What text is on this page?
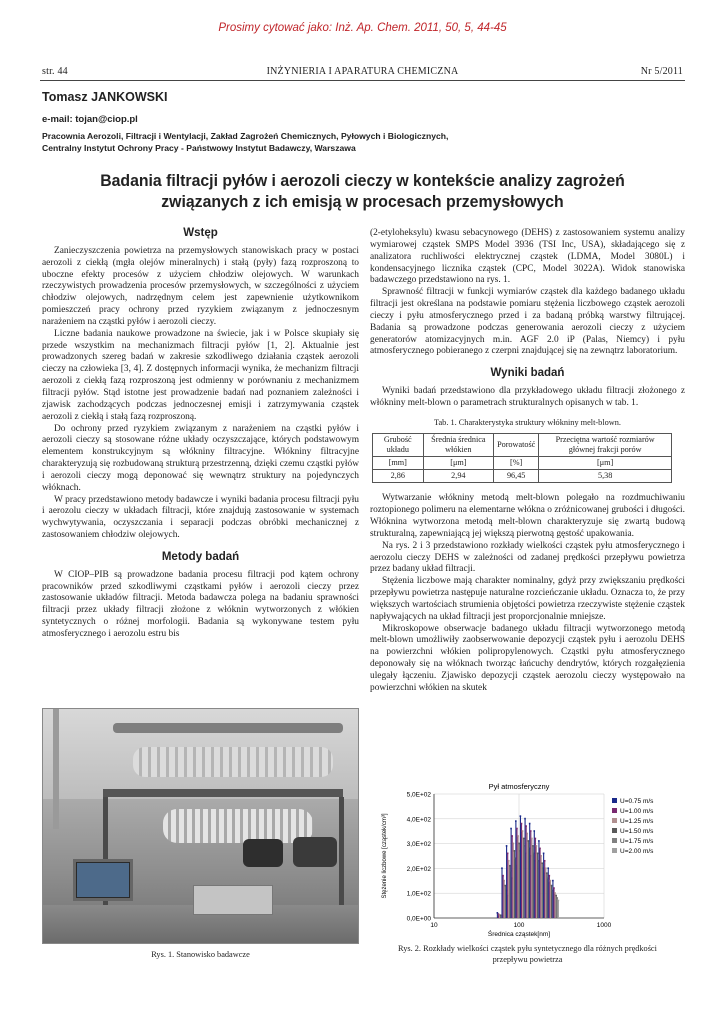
Prosimy cytować jako: Inż. Ap. Chem. 2011, 50, 5, 44-45
str. 44	INŻYNIERIA I APARATURA CHEMICZNA	Nr 5/2011
Tomasz JANKOWSKI
e-mail: tojan@ciop.pl
Pracownia Aerozoli, Filtracji i Wentylacji, Zakład Zagrożeń Chemicznych, Pyłowych i Biologicznych,
Centralny Instytut Ochrony Pracy - Państwowy Instytut Badawczy, Warszawa
Badania filtracji pyłów i aerozoli cieczy w kontekście analizy zagrożeń
związanych z ich emisją w procesach przemysłowych
Wstęp

Zanieczyszczenia powietrza na przemysłowych stanowiskach pracy w postaci aerozoli z ciekłą (mgła olejów mineralnych) i stałą (pyły) fazą rozproszoną to uboczne efekty procesów z użyciem chłodziw olejowych. W warunkach rzeczywistych prowadzenia procesów przemysłowych, w szczególności z użyciem chłodziw olejowych, nadrzędnym celem jest zapewnienie użytkownikom pomieszczeń pracy ochrony przed ryzykiem związanym z jednoczesnym narażeniem na cząstki pyłów i aerozoli cieczy.

Liczne badania naukowe prowadzone na świecie, jak i w Polsce skupiały się przede wszystkim na mechanizmach filtracji pyłów [1, 2]. Aktualnie jest prowadzonych szereg badań w zakresie szkodliwego działania cząstek aerozoli cieczy na człowieka [3, 4]. Z dostępnych informacji wynika, że mechanizm filtracji aerozoli z ciekłą fazą rozproszoną jest odmienny w porównaniu z mechanizmem filtracji pyłów. Stąd istotne jest prowadzenie badań nad poznaniem zależności i zjawisk zachodzących podczas jednoczesnej emisji i zatrzymywania cząstek aerozoli z ciekłą i stałą fazą rozproszoną.

Do ochrony przed ryzykiem związanym z narażeniem na cząstki pyłów i aerozoli cieczy są stosowane różne układy oczyszczające, których podstawowym elementem konstrukcyjnym są włókniny filtracyjne. Włókniny filtracyjne charakteryzują się rozbudowaną strukturą przestrzenną, dzięki czemu cząstki pyłów i aerozoli cieczy mogą deponować się wewnątrz struktury na pojedynczych włóknach.

W pracy przedstawiono metody badawcze i wyniki badania procesu filtracji pyłu i aerozolu cieczy w układach filtracji, które znajdują zastosowanie w systemach wychwytywania, oczyszczania i separacji podczas obróbki mechanicznej z zastosowaniem chłodziw olejowych.

Metody badań

W CIOP–PIB są prowadzone badania procesu filtracji pod kątem ochrony pracowników przed szkodliwymi cząstkami pyłów i aerozoli cieczy przez zastosowanie układów filtracji. Metoda badawcza polega na badaniu sprawności filtracji przez układy filtracji złożone z włóknin wytworzonych z włókien syntetycznych o różnej morfologii. Badania są wykonywane testem pyłu atmosferycznego i aerozolu estru bis

Rys. 1. Stanowisko badawcze

(2-etyloheksylu) kwasu sebacynowego (DEHS) z zastosowaniem systemu analizy wymiarowej cząstek SMPS Model 3936 (TSI Inc, USA), składającego się z analizatora ruchliwości elektrycznej cząstek (LDMA, Model 3080L) i kondensacyjnego licznika cząstek (CPC, Model 3022A). Widok stanowiska badawczego przedstawiono na rys. 1.

Sprawność filtracji w funkcji wymiarów cząstek dla każdego badanego układu filtracji jest określana na podstawie pomiaru stężenia liczbowego cząstek aerozoli cieczy i pyłu atmosferycznego przed i za badaną próbką warstwy filtrującej. Badania są prowadzone podczas generowania aerozoli cieczy z użyciem generatorów atomizacyjnych m.in. AGF 2.0 iP (Palas, Niemcy) i pyłu atmosferycznego pobieranego z czerpni znajdującej się na zewnątrz laboratorium.

Wyniki badań

Wyniki badań przedstawiono dla przykładowego układu filtracji złożonego z włókniny melt-blown o parametrach strukturalnych opisanych w tab. 1.

Tab. 1. Charakterystyka struktury włókniny melt-blown.
Grubość układu	Średnia średnica włókien	Porowatość	Przeciętna wartość rozmiarów głównej frakcji porów
[mm]	[μm]	[%]	[μm]
2,86	2,94	96,45	5,38

Wytwarzanie włókniny metodą melt-blown polegało na rozdmuchiwaniu roztopionego polimeru na elementarne włókna o zróżnicowanej grubości i długości. Włóknina wytworzona metodą melt-blown charakteryzuje się zwartą budową strukturalną, zapewniającą jej większą pierwotną gęstość upakowania.

Na rys. 2 i 3 przedstawiono rozkłady wielkości cząstek pyłu atmosferycznego i aerozolu cieczy DEHS w zależności od zadanej prędkości przepływu powietrza przez badany układ filtracji.

Stężenia liczbowe mają charakter nominalny, gdyż przy zwiększaniu prędkości przepływu powietrza następuje naturalne rozcieńczanie układu. Oznacza to, że przy większych wartościach strumienia objętości powietrza rzeczywiste stężenie cząstek napływających na układ filtracji jest proporcjonalnie mniejsze.

Mikroskopowe obserwacje badanego układu filtracji wytworzonego metodą melt-blown umożliwiły zaobserwowanie depozycji cząstek pyłu i aerozolu DEHS na powierzchni włókien polipropylenowych. Cząstki pyłu atmosferycznego deponowały się na włóknach tworząc łańcuchy dendrytów, których rozgałęzienia ulegały łączeniu. Zjawisko depozycji cząstek aerozolu cieczy występowało na powierzchni włókien na skutek

Pył atmosferyczny
0,0E+00
1,0E+02
2,0E+02
3,0E+02
4,0E+02
5,0E+02
10	100	1000
Średnica cząstek[nm]
Stężenie liczbowe [cząstek/cm³]
U=0.75 m/s
U=1.00 m/s
U=1.25 m/s
U=1.50 m/s
U=1.75 m/s
U=2.00 m/s
Rys. 2. Rozkłady wielkości cząstek pyłu syntetycznego dla różnych prędkości
przepływu powietrza
